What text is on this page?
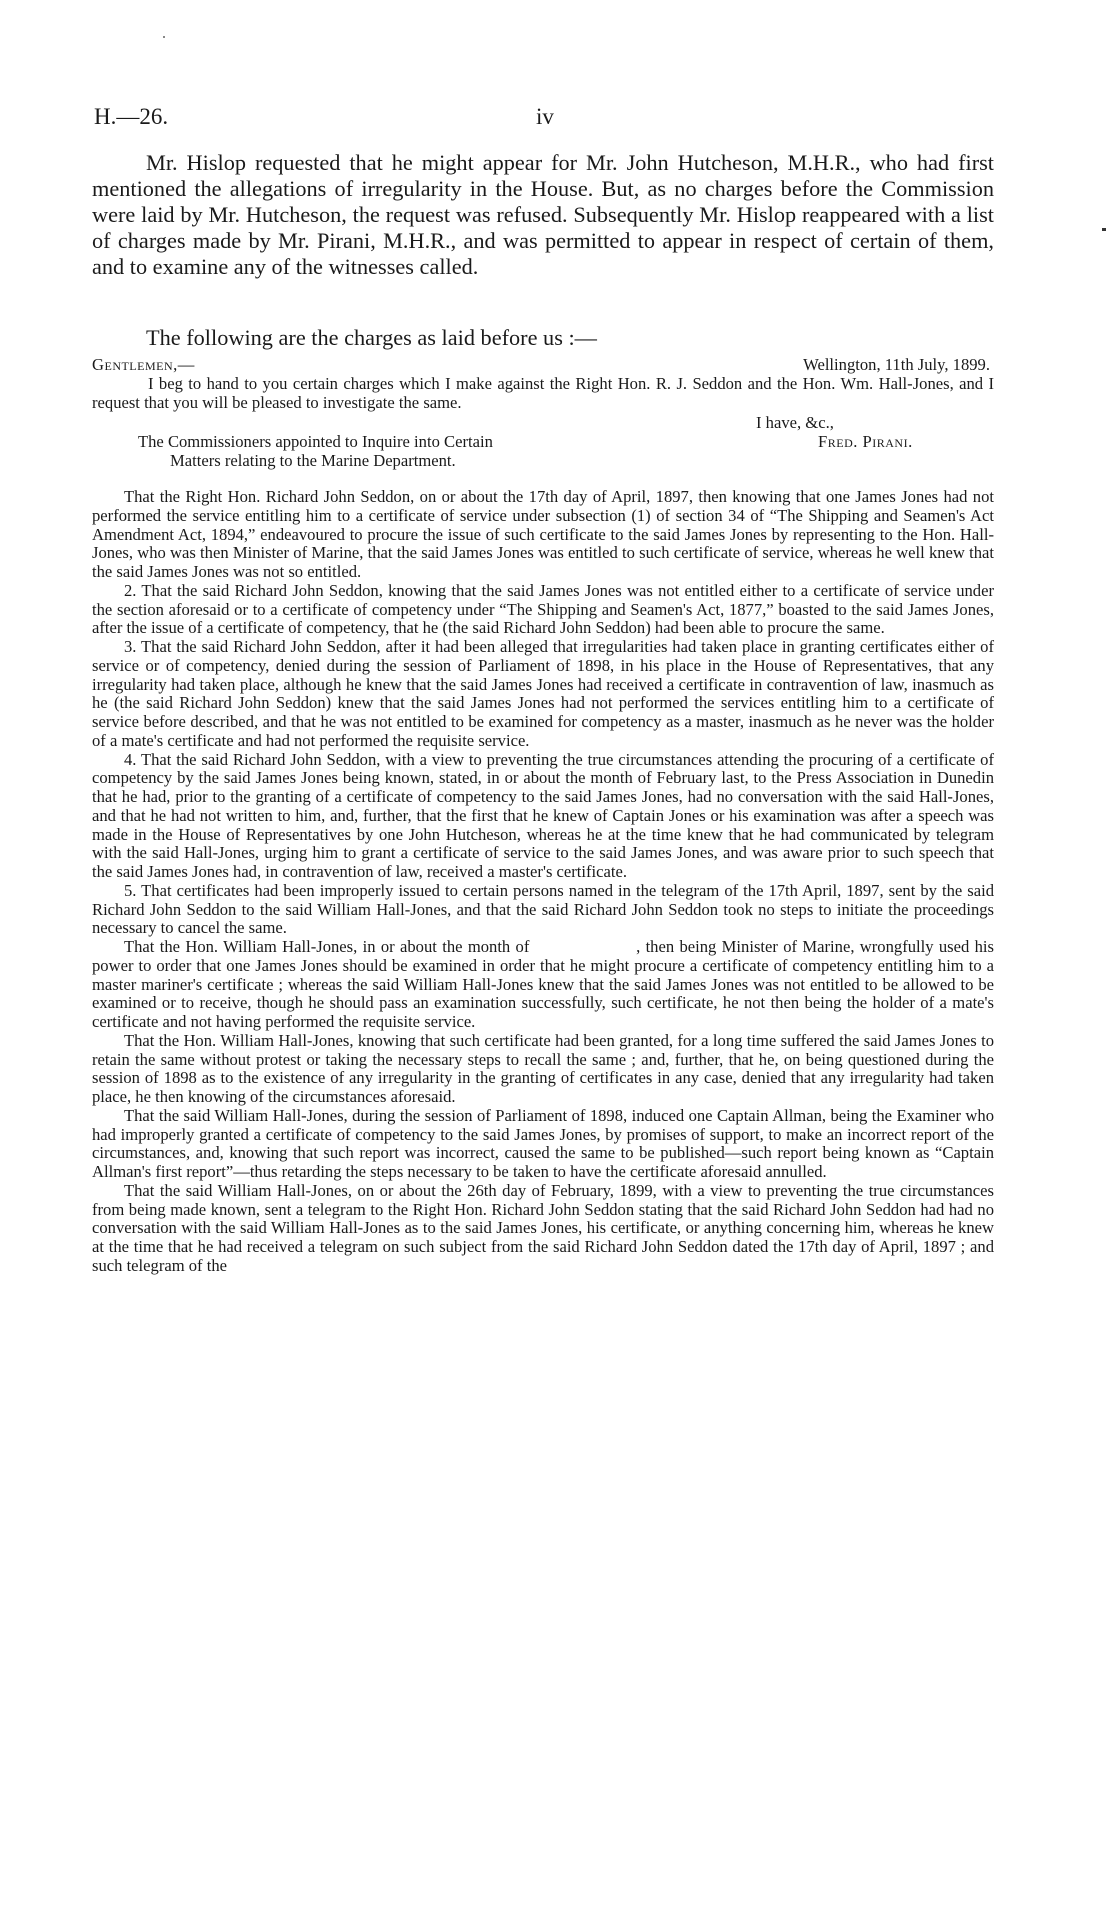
H.—26.	iv

Mr. Hislop requested that he might appear for Mr. John Hutcheson, M.H.R., who had first mentioned the allegations of irregularity in the House. But, as no charges before the Commission were laid by Mr. Hutcheson, the request was refused. Subsequently Mr. Hislop reappeared with a list of charges made by Mr. Pirani, M.H.R., and was permitted to appear in respect of certain of them, and to examine any of the witnesses called.

The following are the charges as laid before us :—

Gentlemen,—	Wellington, 11th July, 1899.

I beg to hand to you certain charges which I make against the Right Hon. R. J. Seddon and the Hon. Wm. Hall-Jones, and I request that you will be pleased to investigate the same.

I have, &c.,
The Commissioners appointed to Inquire into Certain	Fred. Pirani.
Matters relating to the Marine Department.

That the Right Hon. Richard John Seddon, on or about the 17th day of April, 1897, then knowing that one James Jones had not performed the service entitling him to a certificate of service under subsection (1) of section 34 of “The Shipping and Seamen's Act Amendment Act, 1894,” endeavoured to procure the issue of such certificate to the said James Jones by representing to the Hon. Hall-Jones, who was then Minister of Marine, that the said James Jones was entitled to such certificate of service, whereas he well knew that the said James Jones was not so entitled.

2. That the said Richard John Seddon, knowing that the said James Jones was not entitled either to a certificate of service under the section aforesaid or to a certificate of competency under “The Shipping and Seamen's Act, 1877,” boasted to the said James Jones, after the issue of a certificate of competency, that he (the said Richard John Seddon) had been able to procure the same.

3. That the said Richard John Seddon, after it had been alleged that irregularities had taken place in granting certificates either of service or of competency, denied during the session of Parliament of 1898, in his place in the House of Representatives, that any irregularity had taken place, although he knew that the said James Jones had received a certificate in contravention of law, inasmuch as he (the said Richard John Seddon) knew that the said James Jones had not performed the services entitling him to a certificate of service before described, and that he was not entitled to be examined for competency as a master, inasmuch as he never was the holder of a mate's certificate and had not performed the requisite service.

4. That the said Richard John Seddon, with a view to preventing the true circumstances attending the procuring of a certificate of competency by the said James Jones being known, stated, in or about the month of February last, to the Press Association in Dunedin that he had, prior to the granting of a certificate of competency to the said James Jones, had no conversation with the said Hall-Jones, and that he had not written to him, and, further, that the first that he knew of Captain Jones or his examination was after a speech was made in the House of Representatives by one John Hutcheson, whereas he at the time knew that he had communicated by telegram with the said Hall-Jones, urging him to grant a certificate of service to the said James Jones, and was aware prior to such speech that the said James Jones had, in contravention of law, received a master's certificate.

5. That certificates had been improperly issued to certain persons named in the telegram of the 17th April, 1897, sent by the said Richard John Seddon to the said William Hall-Jones, and that the said Richard John Seddon took no steps to initiate the proceedings necessary to cancel the same.

That the Hon. William Hall-Jones, in or about the month of                    , then being Minister of Marine, wrongfully used his power to order that one James Jones should be examined in order that he might procure a certificate of competency entitling him to a master mariner's certificate ; whereas the said William Hall-Jones knew that the said James Jones was not entitled to be allowed to be examined or to receive, though he should pass an examination successfully, such certificate, he not then being the holder of a mate's certificate and not having performed the requisite service.

That the Hon. William Hall-Jones, knowing that such certificate had been granted, for a long time suffered the said James Jones to retain the same without protest or taking the necessary steps to recall the same ; and, further, that he, on being questioned during the session of 1898 as to the existence of any irregularity in the granting of certificates in any case, denied that any irregularity had taken place, he then knowing of the circumstances aforesaid.

That the said William Hall-Jones, during the session of Parliament of 1898, induced one Captain Allman, being the Examiner who had improperly granted a certificate of competency to the said James Jones, by promises of support, to make an incorrect report of the circumstances, and, knowing that such report was incorrect, caused the same to be published—such report being known as “Captain Allman's first report”—thus retarding the steps necessary to be taken to have the certificate aforesaid annulled.

That the said William Hall-Jones, on or about the 26th day of February, 1899, with a view to preventing the true circumstances from being made known, sent a telegram to the Right Hon. Richard John Seddon stating that the said Richard John Seddon had had no conversation with the said William Hall-Jones as to the said James Jones, his certificate, or anything concerning him, whereas he knew at the time that he had received a telegram on such subject from the said Richard John Seddon dated the 17th day of April, 1897 ; and such telegram of the
